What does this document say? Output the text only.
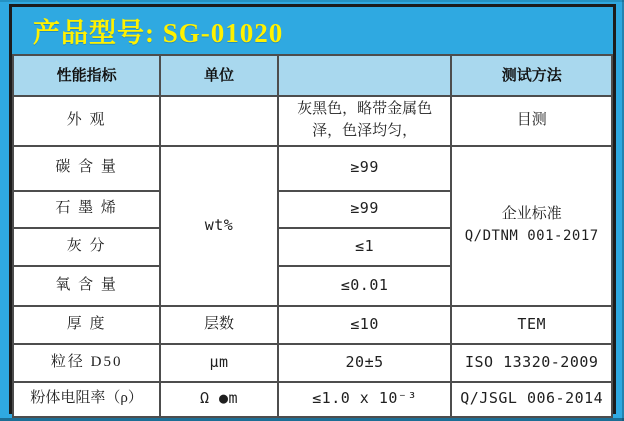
产品型号: SG-01020
性能指标	单位		测试方法
外 观		灰黑色，略带金属色泽，色泽均匀，	目测
碳 含 量	wt%	≥99	企业标准
Q/DTNM 001-2017

石 墨 烯		≥99	
灰 分		≤1	
氧 含 量		≤0.01	
厚 度	层数	≤10	TEM
粒径 D50	μm	20±5	ISO 13320-2009
粉体电阻率（ρ）	Ω ●m	≤1.0 x 10⁻³	Q/JSGL 006-2014
